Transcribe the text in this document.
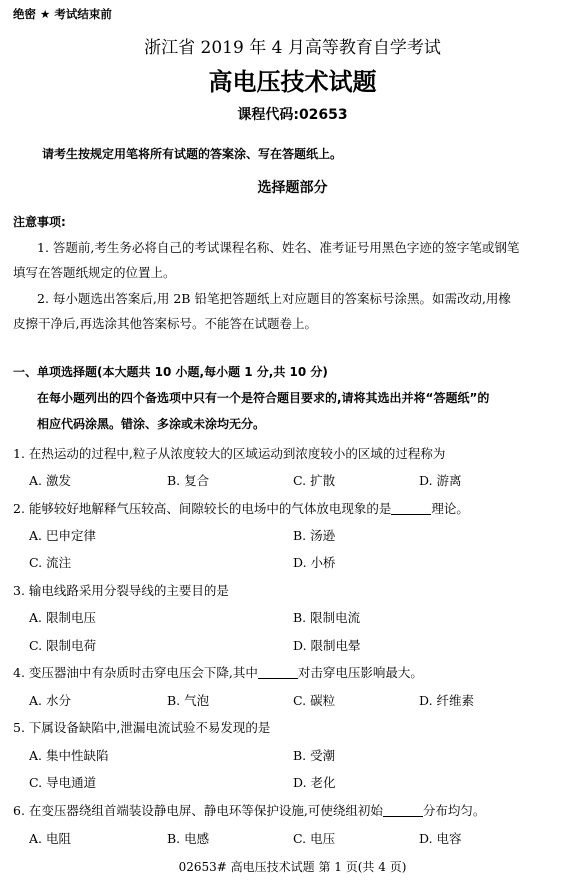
绝密 ★ 考试结束前
浙江省 2019 年 4 月高等教育自学考试
高电压技术试题
课程代码:02653
请考生按规定用笔将所有试题的答案涂、写在答题纸上。
选择题部分
注意事项:
1. 答题前,考生务必将自己的考试课程名称、姓名、准考证号用黑色字迹的签字笔或钢笔
填写在答题纸规定的位置上。
2. 每小题选出答案后,用 2B 铅笔把答题纸上对应题目的答案标号涂黑。如需改动,用橡
皮擦干净后,再选涂其他答案标号。不能答在试题卷上。
一、单项选择题(本大题共 10 小题,每小题 1 分,共 10 分)
在每小题列出的四个备选项中只有一个是符合题目要求的,请将其选出并将“答题纸”的
相应代码涂黑。错涂、多涂或未涂均无分。
1. 在热运动的过程中,粒子从浓度较大的区域运动到浓度较小的区域的过程称为
A. 激发	B. 复合	C. 扩散	D. 游离
2. 能够较好地解释气压较高、间隙较长的电场中的气体放电现象的是	理论。
A. 巴申定律	B. 汤逊
C. 流注	D. 小桥
3. 输电线路采用分裂导线的主要目的是
A. 限制电压	B. 限制电流
C. 限制电荷	D. 限制电晕
4. 变压器油中有杂质时击穿电压会下降,其中	对击穿电压影响最大。
A. 水分	B. 气泡	C. 碳粒	D. 纤维素
5. 下属设备缺陷中,泄漏电流试验不易发现的是
A. 集中性缺陷	B. 受潮
C. 导电通道	D. 老化
6. 在变压器绕组首端装设静电屏、静电环等保护设施,可使绕组初始	分布均匀。
A. 电阻	B. 电感	C. 电压	D. 电容
02653# 高电压技术试题 第 1 页(共 4 页)
